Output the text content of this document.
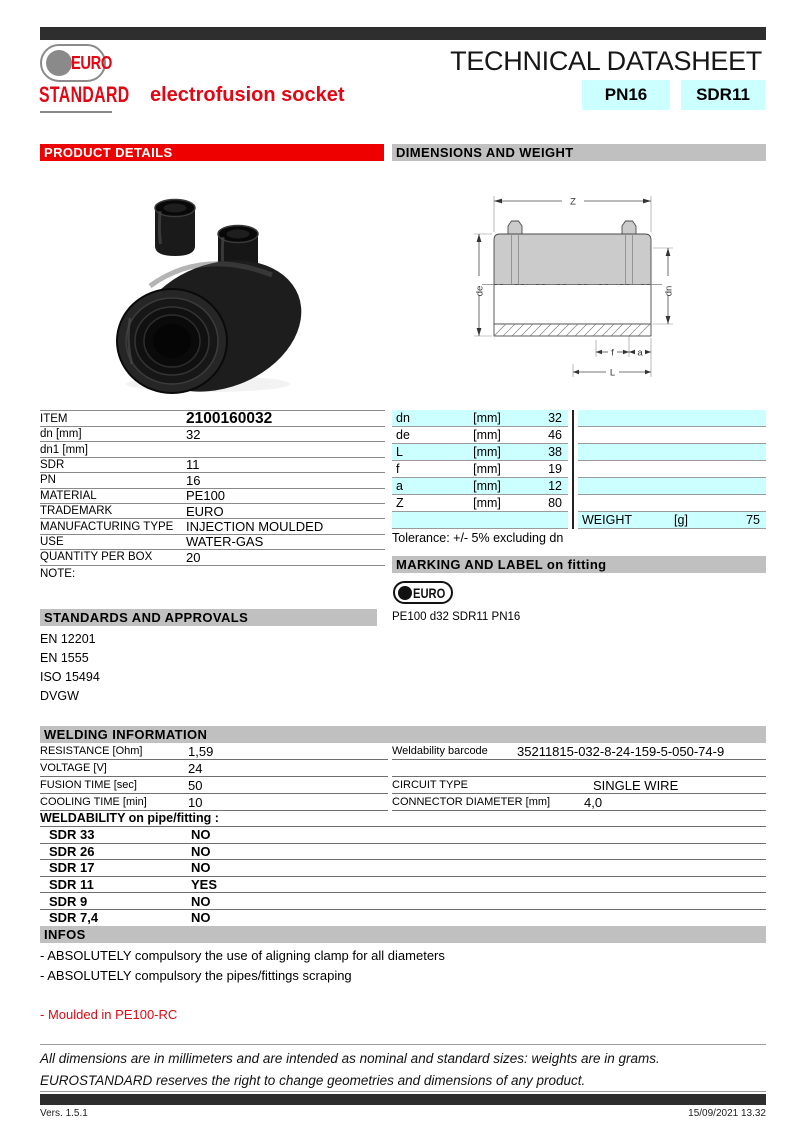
EURO
STANDARD electrofusion socket
TECHNICAL DATASHEET
PN16	SDR11
PRODUCT DETAILS	DIMENSIONS AND WEIGHT
Z
de	dn
f a
L
ITEM	2100160032
dn [mm]	32
dn1 [mm]
SDR	11
PN	16
MATERIAL	PE100
TRADEMARK	EURO
MANUFACTURING TYPE INJECTION MOULDED
USE	WATER-GAS
QUANTITY PER BOX	20
NOTE:
dn	[mm]	32
de	[mm]	46
L	[mm]	38
f	[mm]	19
a	[mm]	12
Z	[mm]	80
WEIGHT	[g]	75
Tolerance: +/- 5% excluding dn
MARKING AND LABEL on fitting
EURO
PE100 d32 SDR11 PN16
STANDARDS AND APPROVALS
EN 12201
EN 1555
ISO 15494
DVGW
WELDING INFORMATION
RESISTANCE [Ohm]	1,59
VOLTAGE [V]	24
FUSION TIME [sec]	50
COOLING TIME [min]	10
Weldability barcode	35211815-032-8-24-159-5-050-74-9
CIRCUIT TYPE	SINGLE WIRE
CONNECTOR DIAMETER [mm]	4,0
WELDABILITY on pipe/fitting :
SDR 33	NO
SDR 26	NO
SDR 17	NO
SDR 11	YES
SDR 9	NO
SDR 7,4	NO
INFOS
- ABSOLUTELY compulsory the use of aligning clamp for all diameters
- ABSOLUTELY compulsory the pipes/fittings scraping
- Moulded in PE100-RC
All dimensions are in millimeters and are intended as nominal and standard sizes: weights are in grams.
EUROSTANDARD reserves the right to change geometries and dimensions of any product.
Vers. 1.5.1	15/09/2021 13.32
